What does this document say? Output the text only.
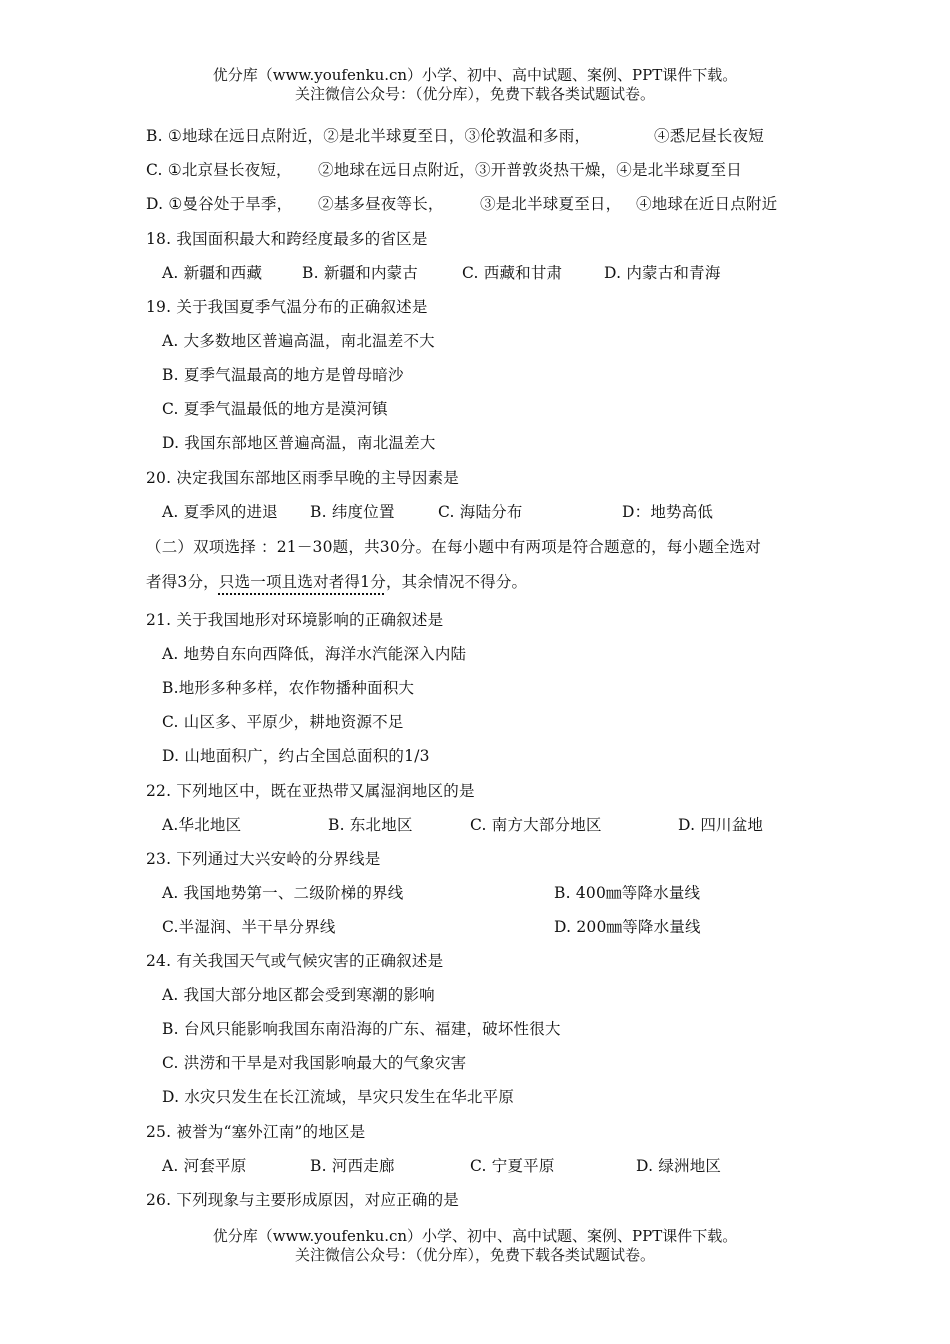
优分库（www.youfenku.cn）小学、初中、高中试题、案例、PPT课件下载。
关注微信公众号：（优分库），免费下载各类试题试卷。
B. ①地球在远日点附近，②是北半球夏至日，③伦敦温和多雨，	④悉尼昼长夜短
C. ①北京昼长夜短， ②地球在远日点附近，③开普敦炎热干燥，④是北半球夏至日
D. ①曼谷处于旱季， ②基多昼夜等长， ③是北半球夏至日， ④地球在近日点附近
18. 我国面积最大和跨经度最多的省区是
A. 新疆和西藏	B. 新疆和内蒙古	C. 西藏和甘肃	D. 内蒙古和青海
19. 关于我国夏季气温分布的正确叙述是
A. 大多数地区普遍高温，南北温差不大
B. 夏季气温最高的地方是曾母暗沙
C. 夏季气温最低的地方是漠河镇
D. 我国东部地区普遍高温，南北温差大
20. 决定我国东部地区雨季早晚的主导因素是
A. 夏季风的进退 B. 纬度位置	C. 海陆分布	D：地势高低
（二）双项选择 ：21－30题，共30分。在每小题中有两项是符合题意的，每小题全选对
者得3分，只选一项且选对者得1分，其余情况不得分。
21. 关于我国地形对环境影响的正确叙述是
A. 地势自东向西降低，海洋水汽能深入内陆
B.地形多种多样，农作物播种面积大
C. 山区多、平原少，耕地资源不足
D. 山地面积广，约占全国总面积的1/3
22. 下列地区中，既在亚热带又属湿润地区的是
A.华北地区	B. 东北地区	C. 南方大部分地区	D. 四川盆地
23. 下列通过大兴安岭的分界线是
A. 我国地势第一、二级阶梯的界线	B. 400㎜等降水量线
C.半湿润、半干旱分界线	D. 200㎜等降水量线
24. 有关我国天气或气候灾害的正确叙述是
A. 我国大部分地区都会受到寒潮的影响
B. 台风只能影响我国东南沿海的广东、福建，破坏性很大
C. 洪涝和干旱是对我国影响最大的气象灾害
D. 水灾只发生在长江流域，旱灾只发生在华北平原
25. 被誉为“塞外江南”的地区是
A. 河套平原	B. 河西走廊	C. 宁夏平原	D. 绿洲地区
26. 下列现象与主要形成原因，对应正确的是
优分库（www.youfenku.cn）小学、初中、高中试题、案例、PPT课件下载。
关注微信公众号：（优分库），免费下载各类试题试卷。
